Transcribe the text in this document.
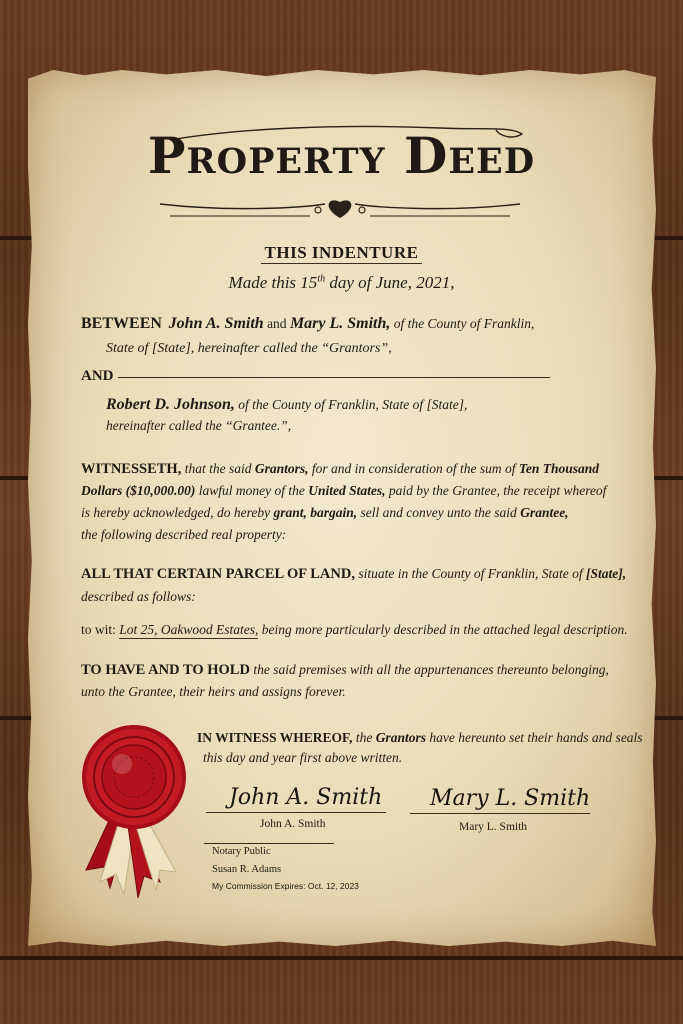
Property Deed
THIS INDENTURE
Made this 15th day of June, 2021,
BETWEEN John A. Smith and Mary L. Smith, of the County of Franklin,
State of [State], hereinafter called the “Grantors”,
AND
Robert D. Johnson, of the County of Franklin, State of [State],
hereinafter called the “Grantee.”,
WITNESSETH, that the said Grantors, for and in consideration of the sum of Ten Thousand
Dollars ($10,000.00) lawful money of the United States, paid by the Grantee, the receipt whereof
is hereby acknowledged, do hereby grant, bargain, sell and convey unto the said Grantee,
the following described real property:
ALL THAT CERTAIN PARCEL OF LAND, situate in the County of Franklin, State of [State],
described as follows:
to wit: Lot 25, Oakwood Estates, being more particularly described in the attached legal description.
TO HAVE AND TO HOLD the said premises with all the appurtenances thereunto belonging,
unto the Grantee, their heirs and assigns forever.
IN WITNESS WHEREOF, the Grantors have hereunto set their hands and seals
this day and year first above written.
John A. Smith
John A. Smith
Mary L. Smith
Mary L. Smith
Notary Public
Susan R. Adams
My Commission Expires: Oct. 12, 2023
